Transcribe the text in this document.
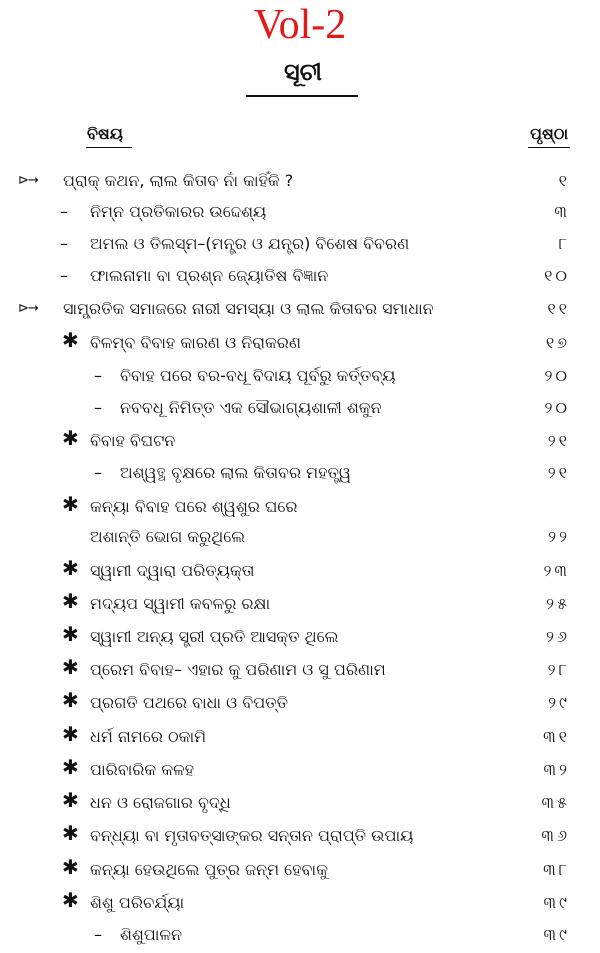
Vol-2
ସୂଚୀ
ବିଷୟ	ପୃଷ୍ଠା
⊳→ ପ୍ରାକ୍ କଥନ, ଲାଲ କିତାବ ନାଁ କାହିଁକି ?	୧
– ନିମ୍ନ ପ୍ରତିକାରର ଉଦ୍ଦେଶ୍ୟ	୩
– ଅମଲ ଓ ତିଲସ୍ମ–(ମନ୍ତ୍ର ଓ ଯନ୍ତ୍ର) ବିଶେଷ ବିବରଣ	୮
– ଫାଲନାମା ବା ପ୍ରଶ୍ନ ଜ୍ୟୋତିଷ ବିଜ୍ଞାନ	୧୦
⊳→ ସାମ୍ପ୍ରତିକ ସମାଜରେ ନାରୀ ସମସ୍ୟା ଓ ଲାଲ କିତାବର ସମାଧାନ	୧୧
✱ ବିଳମ୍ବ ବିବାହ କାରଣ ଓ ନିରାକରଣ	୧୭
– ବିବାହ ପରେ ବର-ବଧୂ ବିଦାୟ ପୂର୍ବରୁ କର୍ତ୍ତବ୍ୟ	୨୦
– ନବବଧୂ ନିମିତ୍ତ ଏକ ସୌଭାଗ୍ୟଶାଳୀ ଶକୁନ	୨୦
✱ ବିବାହ ବିଘଟନ	୨୧
– ଅଶ୍ୱତ୍ଥ ବୃକ୍ଷରେ ଲାଲ କିତାବର ମହତ୍ତ୍ୱ	୨୧
✱ କନ୍ୟା ବିବାହ ପରେ ଶ୍ୱଶୁର ଘରେ
ଅଶାନ୍ତି ଭୋଗ କରୁଥିଲେ	୨୨
✱ ସ୍ୱାମୀ ଦ୍ୱାରା ପରିତ୍ୟକ୍ତା	୨୩
✱ ମଦ୍ୟପ ସ୍ୱାମୀ କବଳରୁ ରକ୍ଷା	୨୫
✱ ସ୍ୱାମୀ ଅନ୍ୟ ସ୍ତ୍ରୀ ପ୍ରତି ଆସକ୍ତ ଥିଲେ	୨୬
✱ ପ୍ରେମ ବିବାହ– ଏହାର କୁ ପରିଣାମ ଓ ସୁ ପରିଣାମ	୨୮
✱ ପ୍ରଗତି ପଥରେ ବାଧା ଓ ବିପତ୍ତି	୨୯
✱ ଧର୍ମ ନାମରେ ଠକାମି	୩୧
✱ ପାରିବାରିକ କଳହ	୩୨
✱ ଧନ ଓ ରୋଜଗାର ବୃଦ୍ଧି	୩୫
✱ ବନ୍ଧ୍ୟା ବା ମୃତାବତ୍ସାଙ୍କର ସନ୍ତାନ ପ୍ରାପ୍ତି ଉପାୟ	୩୬
✱ କନ୍ୟା ହେଉଥିଲେ ପୁତ୍ର ଜନ୍ମ ହେବାକୁ	୩୮
✱ ଶିଶୁ ପରିଚର୍ଯ୍ୟା	୩୯
– ଶିଶୁପାଳନ	୩୯
